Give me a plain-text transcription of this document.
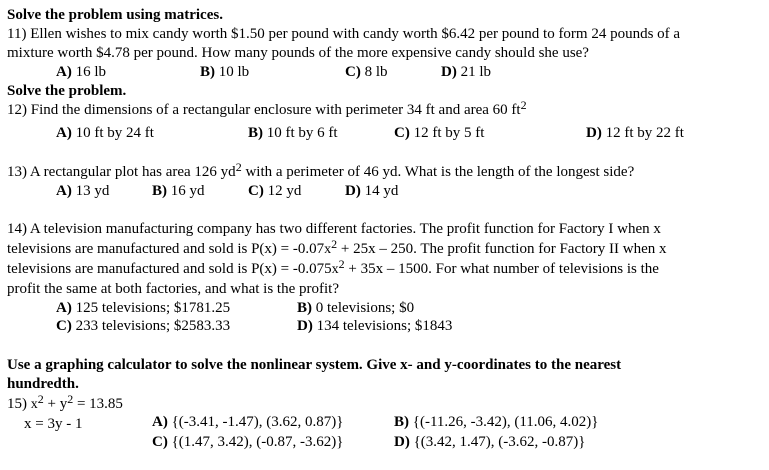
Solve the problem using matrices.
11) Ellen wishes to mix candy worth $1.50 per pound with candy worth $6.42 per pound to form 24 pounds of a
mixture worth $4.78 per pound. How many pounds of the more expensive candy should she use?
A) 16 lb	B) 10 lb	C) 8 lb	D) 21 lb
Solve the problem.
12) Find the dimensions of a rectangular enclosure with perimeter 34 ft and area 60 $ft^2$
A) 10 ft by 24 ft	B) 10 ft by 6 ft	C) 12 ft by 5 ft	D) 12 ft by 22 ft
13) A rectangular plot has area 126 $yd^2$ with a perimeter of 46 yd. What is the length of the longest side?
A) 13 yd	B) 16 yd	C) 12 yd	D) 14 yd
14) A television manufacturing company has two different factories. The profit function for Factory I when x
televisions are manufactured and sold is $P(x) = -0.07x^2 + 25x - 250$. The profit function for Factory II when x
televisions are manufactured and sold is $P(x) = -0.075x^2 + 35x - 1500$. For what number of televisions is the
profit the same at both factories, and what is the profit?
A) 125 televisions; $1781.25	B) 0 televisions; $0
C) 233 televisions; $2583.33	D) 134 televisions; $1843
Use a graphing calculator to solve the nonlinear system. Give x- and y-coordinates to the nearest
hundredth.
15) $x^2 + y^2 = 13.85$
x = 3y - 1	A) {(-3.41, -1.47), (3.62, 0.87)}	B) {(-11.26, -3.42), (11.06, 4.02)}
C) {(1.47, 3.42), (-0.87, -3.62)}	D) {(3.42, 1.47), (-3.62, -0.87)}
